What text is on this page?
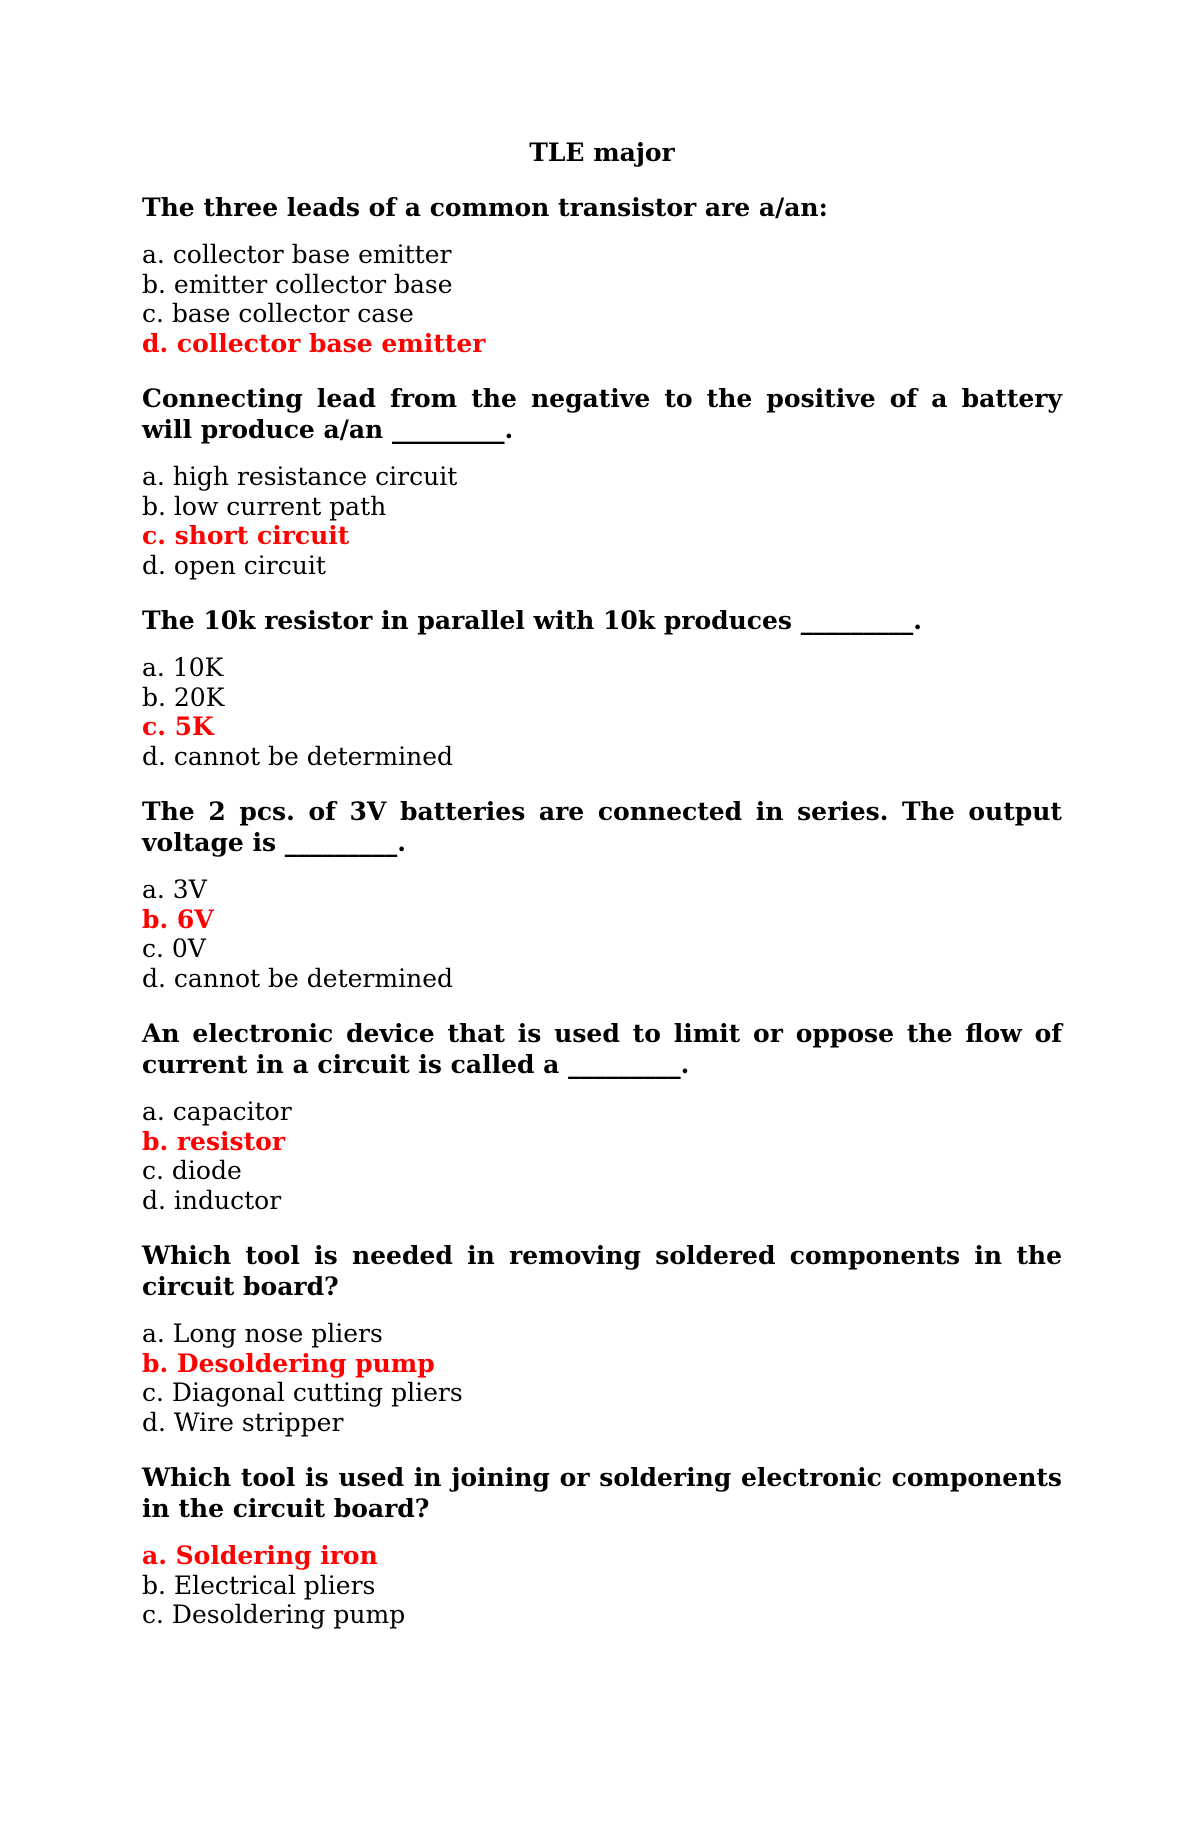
TLE major

The three leads of a common transistor are a/an:

a. collector base emitter
b. emitter collector base
c. base collector case
d. collector base emitter

Connecting lead from the negative to the positive of a battery will produce a/an _________.

a. high resistance circuit
b. low current path
c. short circuit
d. open circuit

The 10k resistor in parallel with 10k produces _________.

a. 10K
b. 20K
c. 5K
d. cannot be determined

The 2 pcs. of 3V batteries are connected in series. The output voltage is _________.

a. 3V
b. 6V
c. 0V
d. cannot be determined

An electronic device that is used to limit or oppose the flow of current in a circuit is called a _________.

a. capacitor
b. resistor
c. diode
d. inductor

Which tool is needed in removing soldered components in the circuit board?

a. Long nose pliers
b. Desoldering pump
c. Diagonal cutting pliers
d. Wire stripper

Which tool is used in joining or soldering electronic components in the circuit board?

a. Soldering iron
b. Electrical pliers
c. Desoldering pump
